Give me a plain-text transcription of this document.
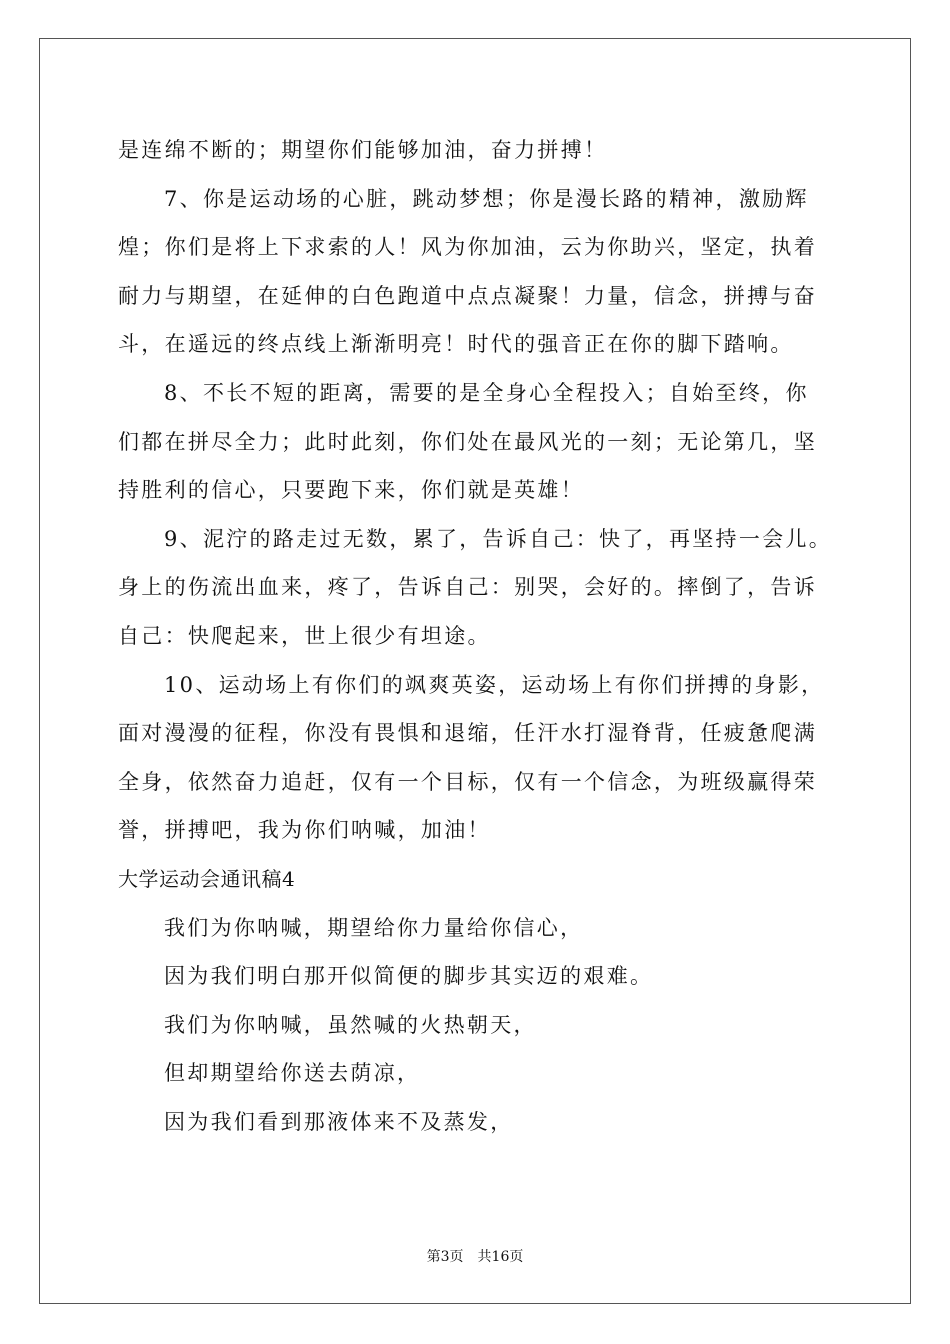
是连绵不断的；期望你们能够加油，奋力拼搏！
7、你是运动场的心脏，跳动梦想；你是漫长路的精神，激励辉
煌；你们是将上下求索的人！风为你加油，云为你助兴，坚定，执着
耐力与期望，在延伸的白色跑道中点点凝聚！力量，信念，拼搏与奋
斗，在遥远的终点线上渐渐明亮！时代的强音正在你的脚下踏响。
8、不长不短的距离，需要的是全身心全程投入；自始至终，你
们都在拼尽全力；此时此刻，你们处在最风光的一刻；无论第几，坚
持胜利的信心，只要跑下来，你们就是英雄！
9、泥泞的路走过无数，累了，告诉自己：快了，再坚持一会儿。
身上的伤流出血来，疼了，告诉自己：别哭，会好的。摔倒了，告诉
自己：快爬起来，世上很少有坦途。
10、运动场上有你们的飒爽英姿，运动场上有你们拼搏的身影，
面对漫漫的征程，你没有畏惧和退缩，任汗水打湿脊背，任疲惫爬满
全身，依然奋力追赶，仅有一个目标，仅有一个信念，为班级赢得荣
誉，拼搏吧，我为你们呐喊，加油！
大学运动会通讯稿4
我们为你呐喊，期望给你力量给你信心，
因为我们明白那开似简便的脚步其实迈的艰难。
我们为你呐喊，虽然喊的火热朝天，
但却期望给你送去荫凉，
因为我们看到那液体来不及蒸发，
第3页 共16页
